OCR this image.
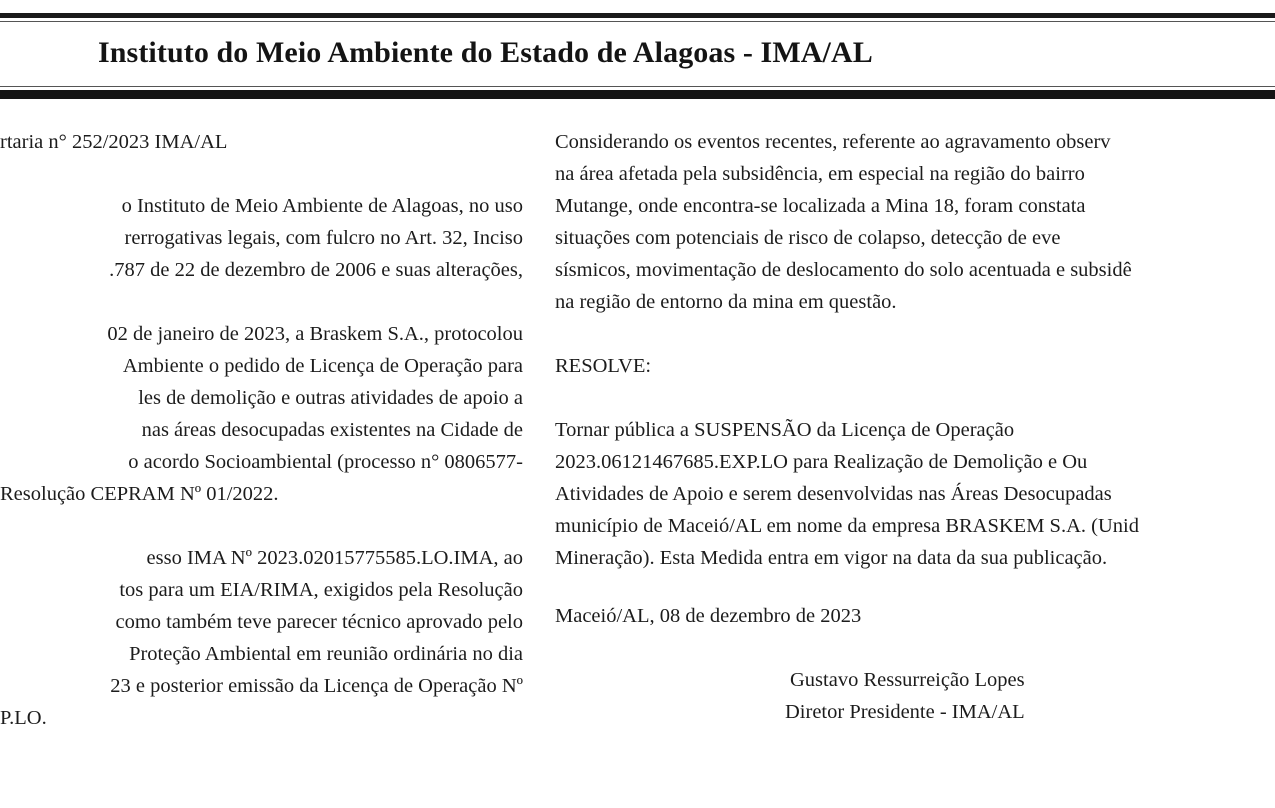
Instituto do Meio Ambiente do Estado de Alagoas - IMA/AL
rtaria n° 252/2023 IMA/AL
o Instituto de Meio Ambiente de Alagoas, no uso
rerrogativas legais, com fulcro no Art. 32, Inciso
.787 de 22 de dezembro de 2006 e suas alterações,
02 de janeiro de 2023, a Braskem S.A., protocolou
Ambiente o pedido de Licença de Operação para
les de demolição e outras atividades de apoio a
nas áreas desocupadas existentes na Cidade de
o acordo Socioambiental (processo n° 0806577-
Resolução CEPRAM Nº 01/2022.
esso IMA Nº 2023.02015775585.LO.IMA, ao
tos para um EIA/RIMA, exigidos pela Resolução
como também teve parecer técnico aprovado pelo
Proteção Ambiental em reunião ordinária no dia
23 e posterior emissão da Licença de Operação Nº
P.LO.
Considerando os eventos recentes, referente ao agravamento observ
na área afetada pela subsidência, em especial na região do bairro
Mutange, onde encontra-se localizada a Mina 18, foram constata
situações com potenciais de risco de colapso, detecção de eve
sísmicos, movimentação de deslocamento do solo acentuada e subsidê
na região de entorno da mina em questão.
RESOLVE:
Tornar pública a SUSPENSÃO da Licença de Operação
2023.06121467685.EXP.LO para Realização de Demolição e Ou
Atividades de Apoio e serem desenvolvidas nas Áreas Desocupadas
município de Maceió/AL em nome da empresa BRASKEM S.A. (Unid
Mineração). Esta Medida entra em vigor na data da sua publicação.
Maceió/AL, 08 de dezembro de 2023
Gustavo Ressurreição Lopes
Diretor Presidente - IMA/AL
